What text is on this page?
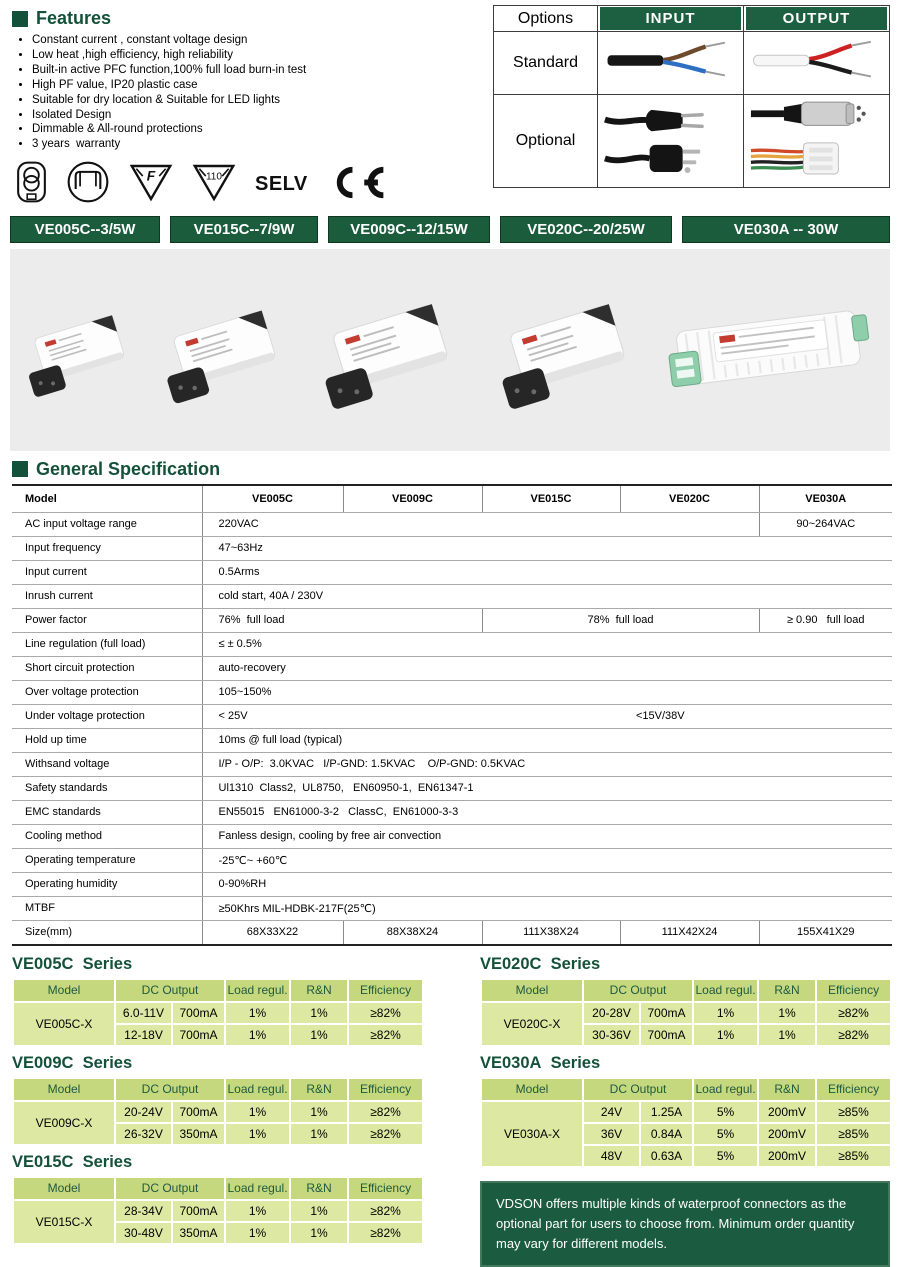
Features
• Constant current , constant voltage design
• Low heat ,high efficiency, high reliability
• Built-in active PFC function,100% full load burn-in test
• High PF value, IP20 plastic case
• Suitable for dry location & Suitable for LED lights
• Isolated Design
• Dimmable & All-round protections
• 3 years  warranty
F	110 SELV
Options	INPUT	OUTPUT

Standard		
Optional		
VE005C--3/5W	VE015C--7/9W	VE009C--12/15W	VE020C--20/25W	VE030A -- 30W
General Specification
Model	VE005C	VE009C	VE015C	VE020C	VE030A
AC input voltage range	220VAC				90~264VAC
Input frequency	47~63Hz				
Input current	0.5Arms				
Inrush current	cold start, 40A / 230V				
Power factor	76%  full load		78%  full load		≥ 0.90   full load
Line regulation (full load)	≤ ± 0.5%				
Short circuit protection	auto-recovery				
Over voltage protection	105~150%				
Under voltage protection	< 25V			<15V/38V	
Hold up time	10ms @ full load (typical)				
Withsand voltage	I/P - O/P:  3.0KVAC   I/P-GND: 1.5KVAC    O/P-GND: 0.5KVAC				
Safety standards	Ul1310  Class2,  UL8750,   EN60950-1,  EN61347-1				
EMC standards	EN55015   EN61000-3-2   ClassC,  EN61000-3-3				
Cooling method	Fanless design, cooling by free air convection				
Operating temperature	-25℃~ +60℃				
Operating humidity	0-90%RH				
MTBF	≥50Khrs MIL-HDBK-217F(25℃)				
Size(mm)	68X33X22	88X38X24	111X38X24	111X42X24	155X41X29
VE005C  Series
Model	DC Output		Load regul.	R&N	Efficiency
VE005C-X	6.0-11V	700mA	1%	1%	≥82%
	12-18V	700mA	1%	1%	≥82%
VE009C  Series
Model	DC Output		Load regul.	R&N	Efficiency
VE009C-X	20-24V	700mA	1%	1%	≥82%
	26-32V	350mA	1%	1%	≥82%
VE015C  Series
Model	DC Output		Load regul.	R&N	Efficiency
VE015C-X	28-34V	700mA	1%	1%	≥82%
	30-48V	350mA	1%	1%	≥82%
VE020C  Series
Model	DC Output		Load regul.	R&N	Efficiency
VE020C-X	20-28V	700mA	1%	1%	≥82%
	30-36V	700mA	1%	1%	≥82%
VE030A  Series
Model	DC Output		Load regul.	R&N	Efficiency
VE030A-X	24V	1.25A	5%	200mV	≥85%
	36V	0.84A	5%	200mV	≥85%
	48V	0.63A	5%	200mV	≥85%
VDSON offers multiple kinds of waterproof connectors as the optional part for users to choose from. Minimum order quantity may vary for different models.
